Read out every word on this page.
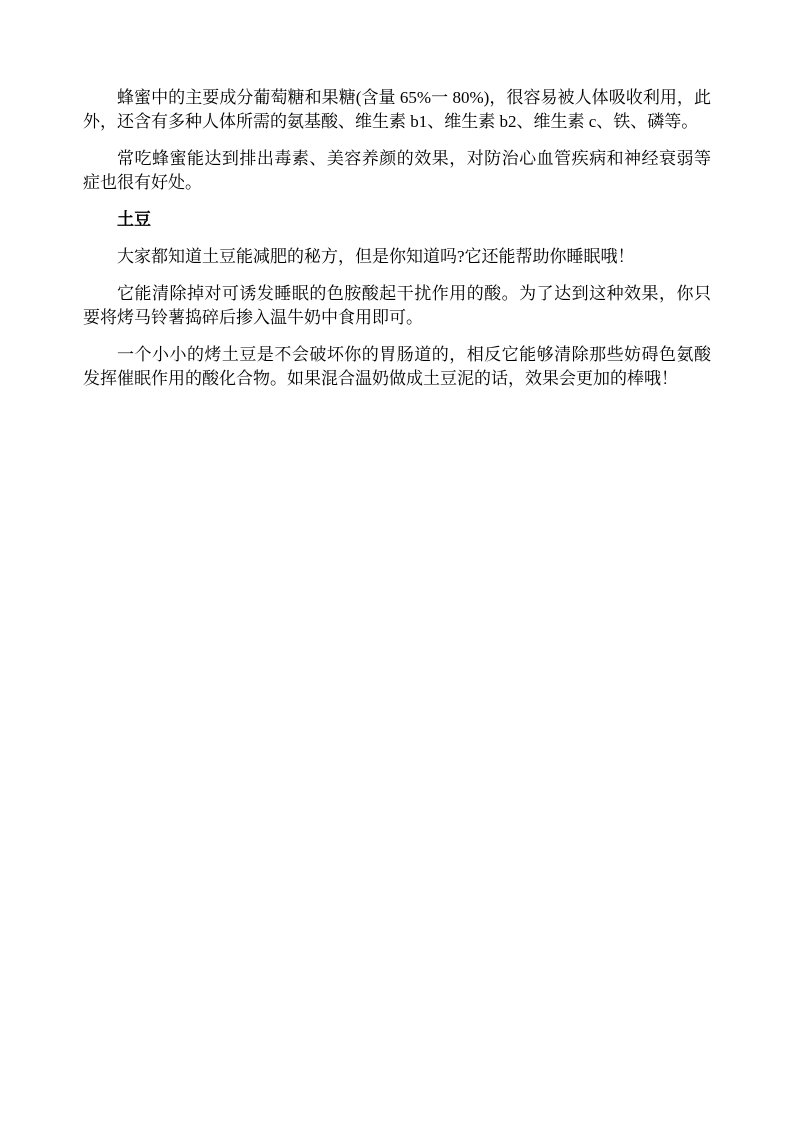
蜂蜜中的主要成分葡萄糖和果糖(含量 65%一 80%)，很容易被人体吸收利用，此外，还含有多种人体所需的氨基酸、维生素 b1、维生素 b2、维生素 c、铁、磷等。

常吃蜂蜜能达到排出毒素、美容养颜的效果，对防治心血管疾病和神经衰弱等症也很有好处。

土豆

大家都知道土豆能减肥的秘方，但是你知道吗?它还能帮助你睡眠哦！

它能清除掉对可诱发睡眠的色胺酸起干扰作用的酸。为了达到这种效果，你只要将烤马铃薯捣碎后掺入温牛奶中食用即可。

一个小小的烤土豆是不会破坏你的胃肠道的，相反它能够清除那些妨碍色氨酸发挥催眠作用的酸化合物。如果混合温奶做成土豆泥的话，效果会更加的棒哦！
